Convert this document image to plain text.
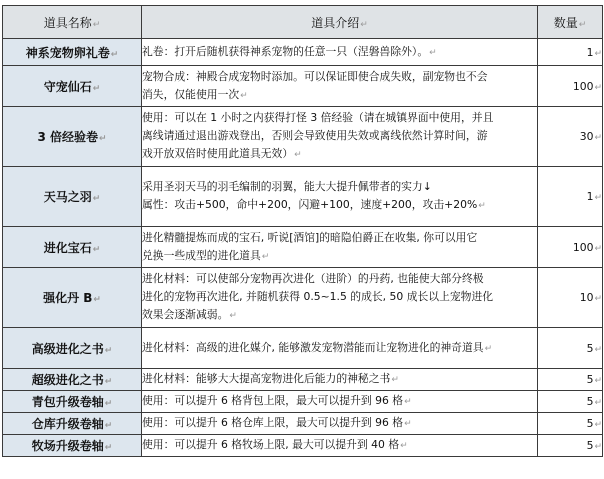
道具名称↵	道具介绍↵	数量↵
神系宠物卵礼卷↵	礼卷：打开后随机获得神系宠物的任意一只（涅磐兽除外）。↵	1↵
守宠仙石↵	宠物合成：神殿合成宠物时添加。可以保证即使合成失败，副宠物也不会
消失，仅能使用一次↵	100↵
3 倍经验卷↵	使用：可以在 1 小时之内获得打怪 3 倍经验（请在城镇界面中使用，并且
离线请通过退出游戏登出，否则会导致使用失效或离线依然计算时间，游
戏开放双倍时使用此道具无效）↵	30↵
天马之羽↵	采用圣羽天马的羽毛编制的羽翼，能大大提升佩带者的实力↓
属性：攻击+500，命中+200，闪避+100，速度+200，攻击+20%↵	1↵
进化宝石↵	进化精髓提炼而成的宝石, 听说[酒馆]的暗隐伯爵正在收集, 你可以用它
兑换一些成型的进化道具↵	100↵
强化丹 B↵	进化材料：可以使部分宠物再次进化（进阶）的丹药, 也能使大部分终极
进化的宠物再次进化, 并随机获得 0.5~1.5 的成长, 50 成长以上宠物进化
效果会逐渐减弱。↵	10↵
高级进化之书↵	进化材料：高级的进化媒介, 能够激发宠物潜能而让宠物进化的神奇道具↵	5↵
超级进化之书↵	进化材料：能够大大提高宠物进化后能力的神秘之书↵	5↵
青包升级卷轴↵	使用：可以提升 6 格背包上限，最大可以提升到 96 格↵	5↵
仓库升级卷轴↵	使用：可以提升 6 格仓库上限，最大可以提升到 96 格↵	5↵
牧场升级卷轴↵	使用：可以提升 6 格牧场上限, 最大可以提升到 40 格↵	5↵
